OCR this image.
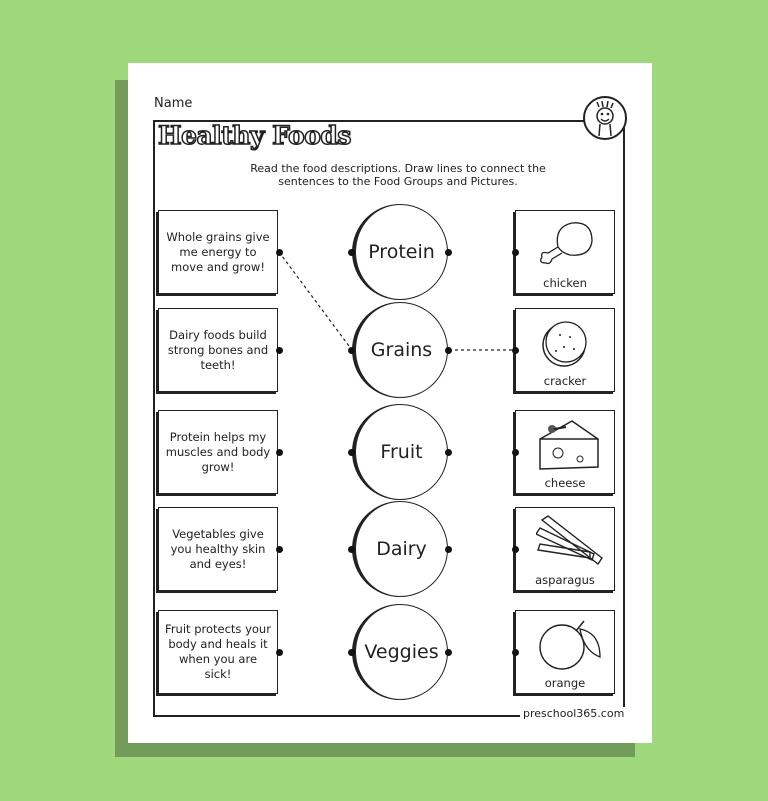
Name
Healthy Foods
Read the food descriptions. Draw lines to connect the sentences to the Food Groups and Pictures.
Whole grains give me energy to move and grow!
Dairy foods build strong bones and teeth!
Protein helps my muscles and body grow!
Vegetables give you healthy skin and eyes!
Fruit protects your body and heals it when you are sick!
Protein
Grains
Fruit
Dairy
Veggies
chicken
cracker
cheese
asparagus
orange
preschool365.com
